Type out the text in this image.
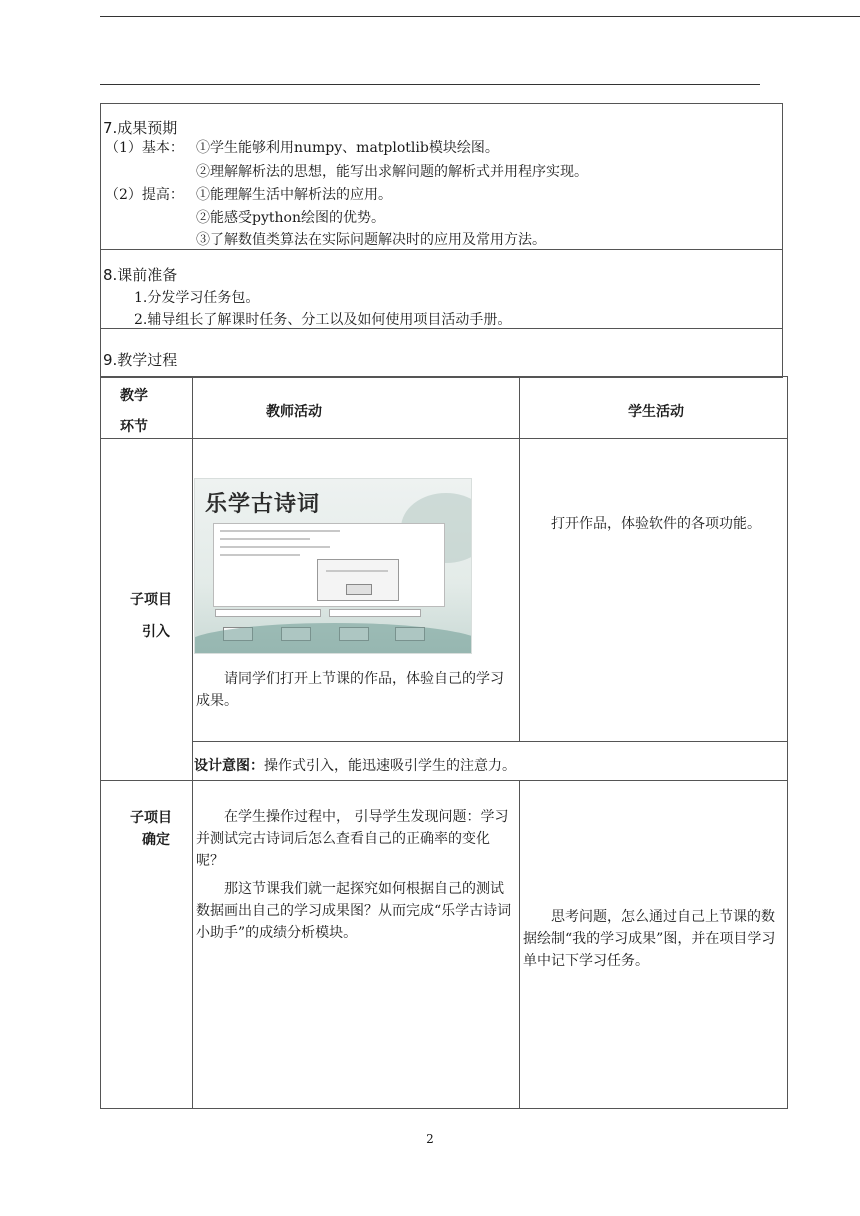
7.成果预期
（1）基本： ①学生能够利用numpy、matplotlib模块绘图。
②理解解析法的思想，能写出求解问题的解析式并用程序实现。
（2）提高： ①能理解生活中解析法的应用。
②能感受python绘图的优势。
③了解数值类算法在实际问题解决时的应用及常用方法。
8.课前准备
1.分发学习任务包。
2.辅导组长了解课时任务、分工以及如何使用项目活动手册。
9.教学过程
教学
环节
教师活动	学生活动
子项目
引入
乐学古诗词
请同学们打开上节课的作品，体验自己的学习成果。
打开作品，体验软件的各项功能。
设计意图：操作式引入，能迅速吸引学生的注意力。
子项目
确定
在学生操作过程中， 引导学生发现问题：学习并测试完古诗词后怎么查看自己的正确率的变化呢？
那这节课我们就一起探究如何根据自己的测试数据画出自己的学习成果图？从而完成“乐学古诗词小助手”的成绩分析模块。
思考问题，怎么通过自己上节课的数据绘制“我的学习成果”图，并在项目学习单中记下学习任务。
2
